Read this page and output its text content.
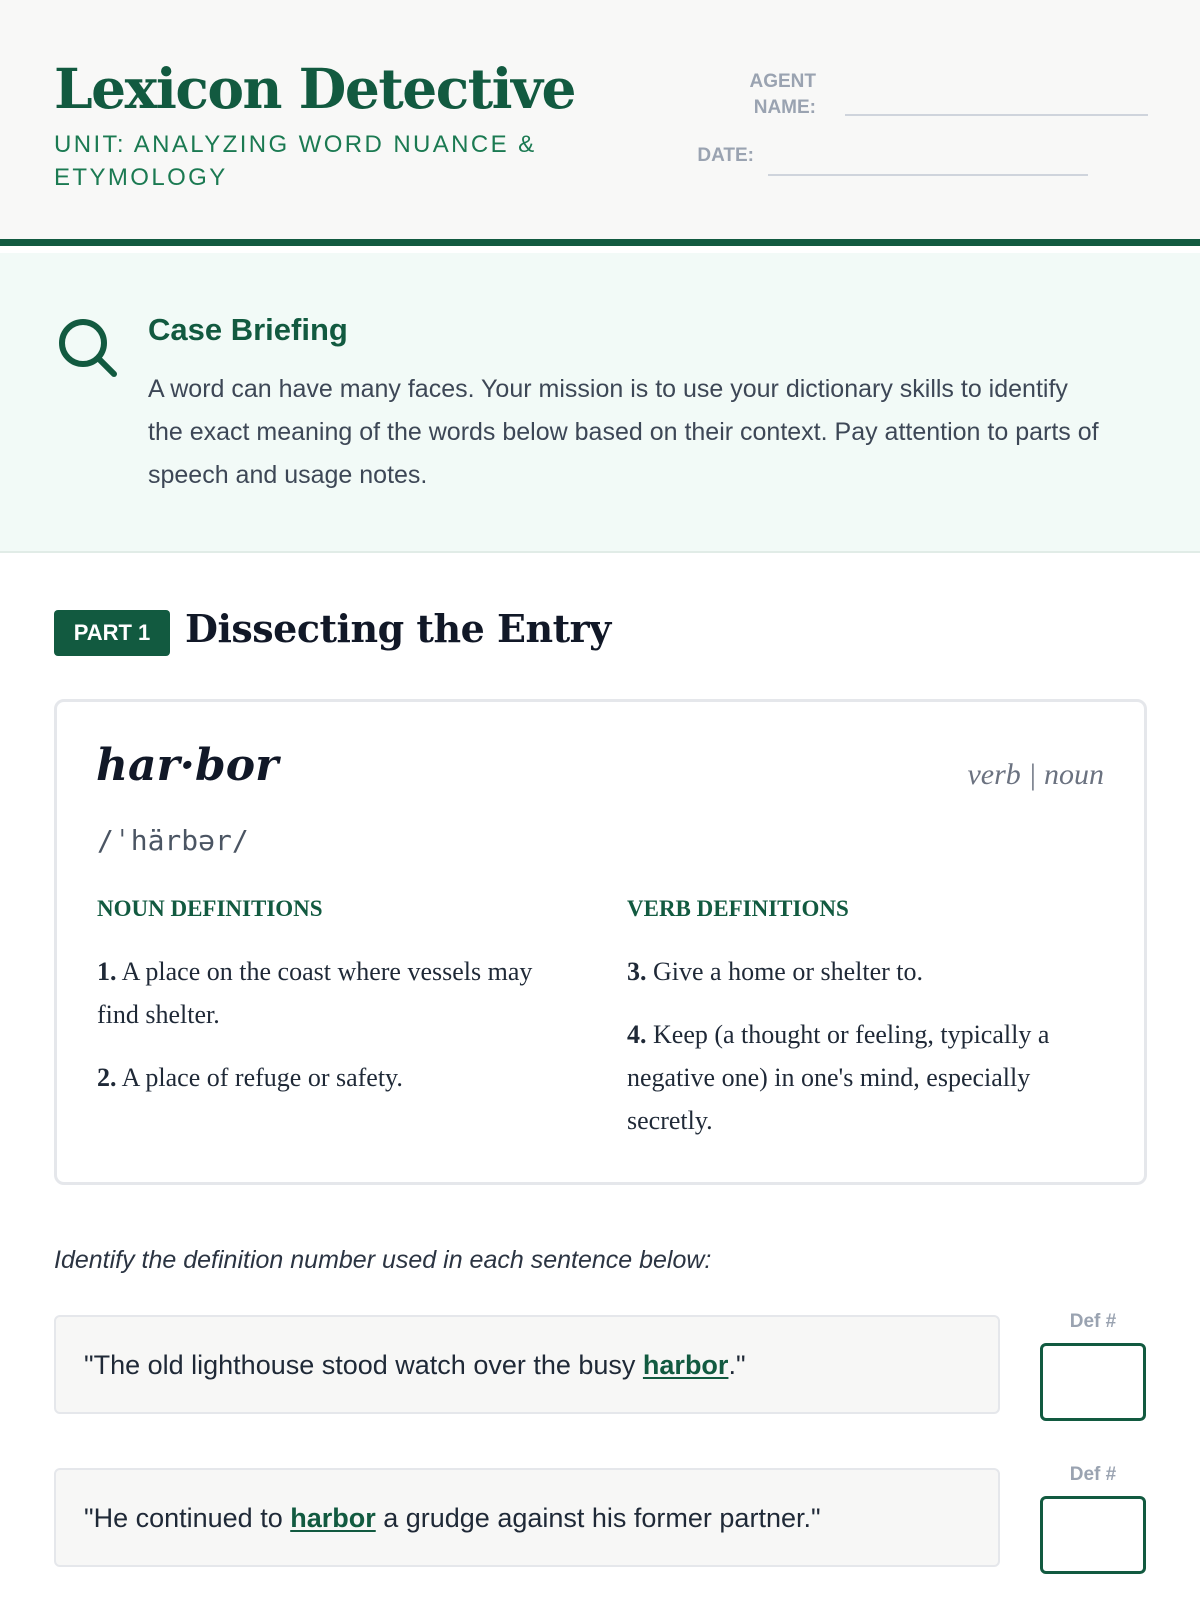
Lexicon Detective
UNIT: ANALYZING WORD NUANCE & ETYMOLOGY
AGENT
NAME:
DATE:
Case Briefing
A word can have many faces. Your mission is to use your dictionary skills to identify the exact meaning of the words below based on their context. Pay attention to parts of speech and usage notes.
PART 1 Dissecting the Entry
har·bor	verb | noun
/ˈhärbər/
NOUN DEFINITIONS	VERB DEFINITIONS
1. A place on the coast where vessels may find shelter.
2. A place of refuge or safety.
3. Give a home or shelter to.
4. Keep (a thought or feeling, typically a negative one) in one's mind, especially secretly.
Identify the definition number used in each sentence below:
"The old lighthouse stood watch over the busy harbor."
Def #
"He continued to harbor a grudge against his former partner."
Def #
